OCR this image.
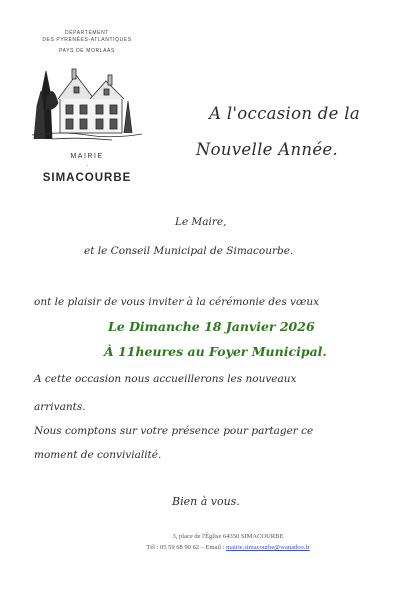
DÉPARTEMENT
DES PYRÉNÉES-ATLANTIQUES
PAYS DE MORLAÀS
MAIRIE
-
SIMACOURBE
A l'occasion de la
Nouvelle Année.
Le Maire,
et le Conseil Municipal de Simacourbe.
ont le plaisir de vous inviter à la cérémonie des vœux
Le Dimanche 18 Janvier 2026
À 11heures au Foyer Municipal.
A cette occasion nous accueillerons les nouveaux
arrivants.
Nous comptons sur votre présence pour partager ce
moment de convivialité.
Bien à vous.
3, place de l'Église 64350 SIMACOURBE
Tél : 05 59 68 90 62 – Email : mairie.simacourbe@wanadoo.fr
